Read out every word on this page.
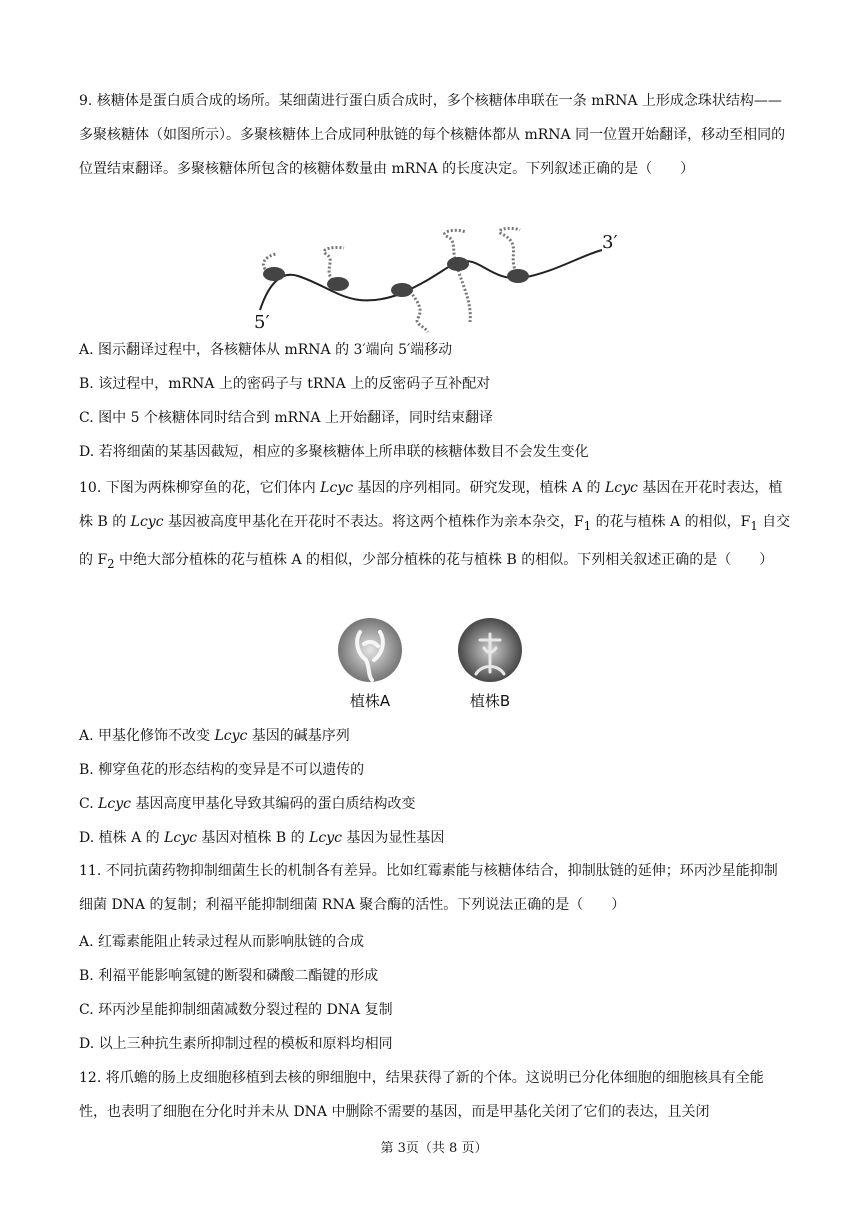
9. 核糖体是蛋白质合成的场所。某细菌进行蛋白质合成时，多个核糖体串联在一条 mRNA 上形成念珠状结构——多聚核糖体（如图所示）。多聚核糖体上合成同种肽链的每个核糖体都从 mRNA 同一位置开始翻译，移动至相同的位置结束翻译。多聚核糖体所包含的核糖体数量由 mRNA 的长度决定。下列叙述正确的是（　　）

3′
5′

A. 图示翻译过程中，各核糖体从 mRNA 的 3′端向 5′端移动

B. 该过程中，mRNA 上的密码子与 tRNA 上的反密码子互补配对

C. 图中 5 个核糖体同时结合到 mRNA 上开始翻译，同时结束翻译

D. 若将细菌的某基因截短，相应的多聚核糖体上所串联的核糖体数目不会发生变化

10. 下图为两株柳穿鱼的花，它们体内 Lcyc 基因的序列相同。研究发现，植株 A 的 Lcyc 基因在开花时表达，植株 B 的 Lcyc 基因被高度甲基化在开花时不表达。将这两个植株作为亲本杂交，$F_1$ 的花与植株 A 的相似，$F_1$ 自交的 $F_2$ 中绝大部分植株的花与植株 A 的相似，少部分植株的花与植株 B 的相似。下列相关叙述正确的是（　　）

植株A	植株B

A. 甲基化修饰不改变 Lcyc 基因的碱基序列

B. 柳穿鱼花的形态结构的变异是不可以遗传的

C. Lcyc 基因高度甲基化导致其编码的蛋白质结构改变

D. 植株 A 的 Lcyc 基因对植株 B 的 Lcyc 基因为显性基因

11. 不同抗菌药物抑制细菌生长的机制各有差异。比如红霉素能与核糖体结合，抑制肽链的延伸；环丙沙星能抑制细菌 DNA 的复制；利福平能抑制细菌 RNA 聚合酶的活性。下列说法正确的是（　　）

A. 红霉素能阻止转录过程从而影响肽链的合成

B. 利福平能影响氢键的断裂和磷酸二酯键的形成

C. 环丙沙星能抑制细菌减数分裂过程的 DNA 复制

D. 以上三种抗生素所抑制过程的模板和原料均相同

12. 将爪蟾的肠上皮细胞移植到去核的卵细胞中，结果获得了新的个体。这说明已分化体细胞的细胞核具有全能性，也表明了细胞在分化时并未从 DNA 中删除不需要的基因，而是甲基化关闭了它们的表达，且关闭

第 3页（共 8 页）
